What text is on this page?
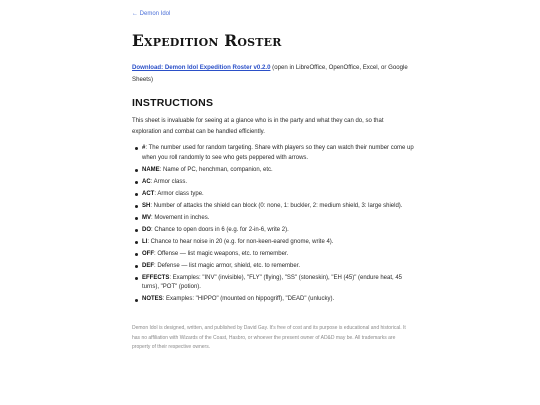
← Demon Idol
Expedition Roster

Download: Demon Idol Expedition Roster v0.2.0 (open in LibreOffice, OpenOffice, Excel, or Google Sheets)

INSTRUCTIONS

This sheet is invaluable for seeing at a glance who is in the party and what they can do, so that exploration and combat can be handled efficiently.

#: The number used for random targeting. Share with players so they can watch their number come up when you roll randomly to see who gets peppered with arrows.
NAME: Name of PC, henchman, companion, etc.
AC: Armor class.
ACT: Armor class type.
SH: Number of attacks the shield can block (0: none, 1: buckler, 2: medium shield, 3: large shield).
MV: Movement in inches.
DO: Chance to open doors in 6 (e.g. for 2-in-6, write 2).
LI: Chance to hear noise in 20 (e.g. for non-keen-eared gnome, write 4).
OFF: Offense — list magic weapons, etc. to remember.
DEF: Defense — list magic armor, shield, etc. to remember.
EFFECTS: Examples: "INV" (invisible), "FLY" (flying), "SS" (stoneskin), "EH (45)" (endure heat, 45 turns), "POT" (potion).
NOTES: Examples: "HIPPO" (mounted on hippogriff), "DEAD" (unlucky).

Demon Idol is designed, written, and published by David Gay. It's free of cost and its purpose is educational and historical. It has no affiliation with Wizards of the Coast, Hasbro, or whoever the present owner of AD&D may be. All trademarks are property of their respective owners.
